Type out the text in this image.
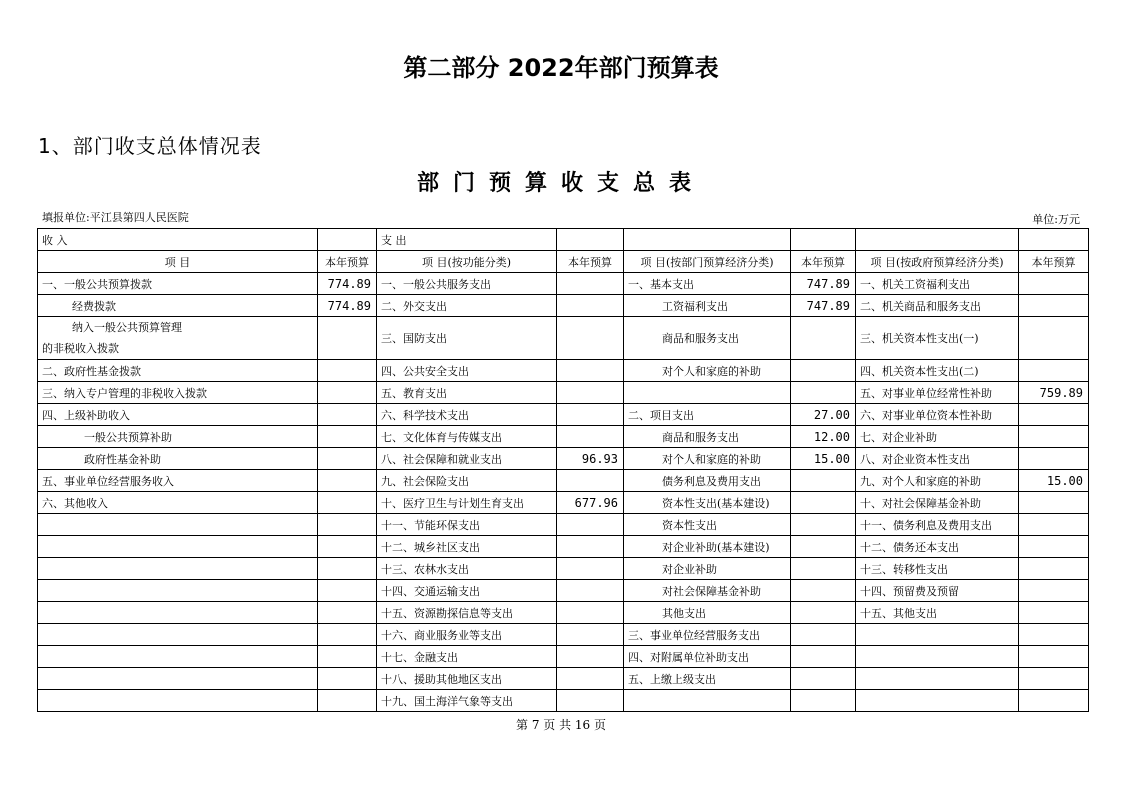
第二部分 2022年部门预算表
1、部门收支总体情况表
部门预算收支总表
填报单位:平江县第四人民医院	单位:万元
收 入		支 出					
项 目	本年预算	项 目(按功能分类)	本年预算	项 目(按部门预算经济分类)	本年预算	项 目(按政府预算经济分类)	本年预算
一、一般公共预算拨款	774.89	一、一般公共服务支出		一、基本支出	747.89	一、机关工资福利支出	
经费拨款	774.89	二、外交支出		工资福利支出	747.89	二、机关商品和服务支出	

纳入一般公共预算管理
的非税收入拨款		三、国防支出		商品和服务支出		三、机关资本性支出(一)	
二、政府性基金拨款		四、公共安全支出		对个人和家庭的补助		四、机关资本性支出(二)	
三、纳入专户管理的非税收入拨款		五、教育支出				五、对事业单位经常性补助	759.89
四、上级补助收入		六、科学技术支出		二、项目支出	27.00	六、对事业单位资本性补助	
一般公共预算补助		七、文化体育与传媒支出		商品和服务支出	12.00	七、对企业补助	
政府性基金补助		八、社会保障和就业支出	96.93	对个人和家庭的补助	15.00	八、对企业资本性支出	
五、事业单位经营服务收入		九、社会保险支出		债务利息及费用支出		九、对个人和家庭的补助	15.00
六、其他收入		十、医疗卫生与计划生育支出	677.96	资本性支出(基本建设)		十、对社会保障基金补助	
		十一、节能环保支出		资本性支出		十一、债务利息及费用支出	
		十二、城乡社区支出		对企业补助(基本建设)		十二、债务还本支出	
		十三、农林水支出		对企业补助		十三、转移性支出	
		十四、交通运输支出		对社会保障基金补助		十四、预留费及预留	
		十五、资源勘探信息等支出		其他支出		十五、其他支出	
		十六、商业服务业等支出		三、事业单位经营服务支出			
		十七、金融支出		四、对附属单位补助支出			
		十八、援助其他地区支出		五、上缴上级支出			
		十九、国土海洋气象等支出					
第 7 页 共 16 页
